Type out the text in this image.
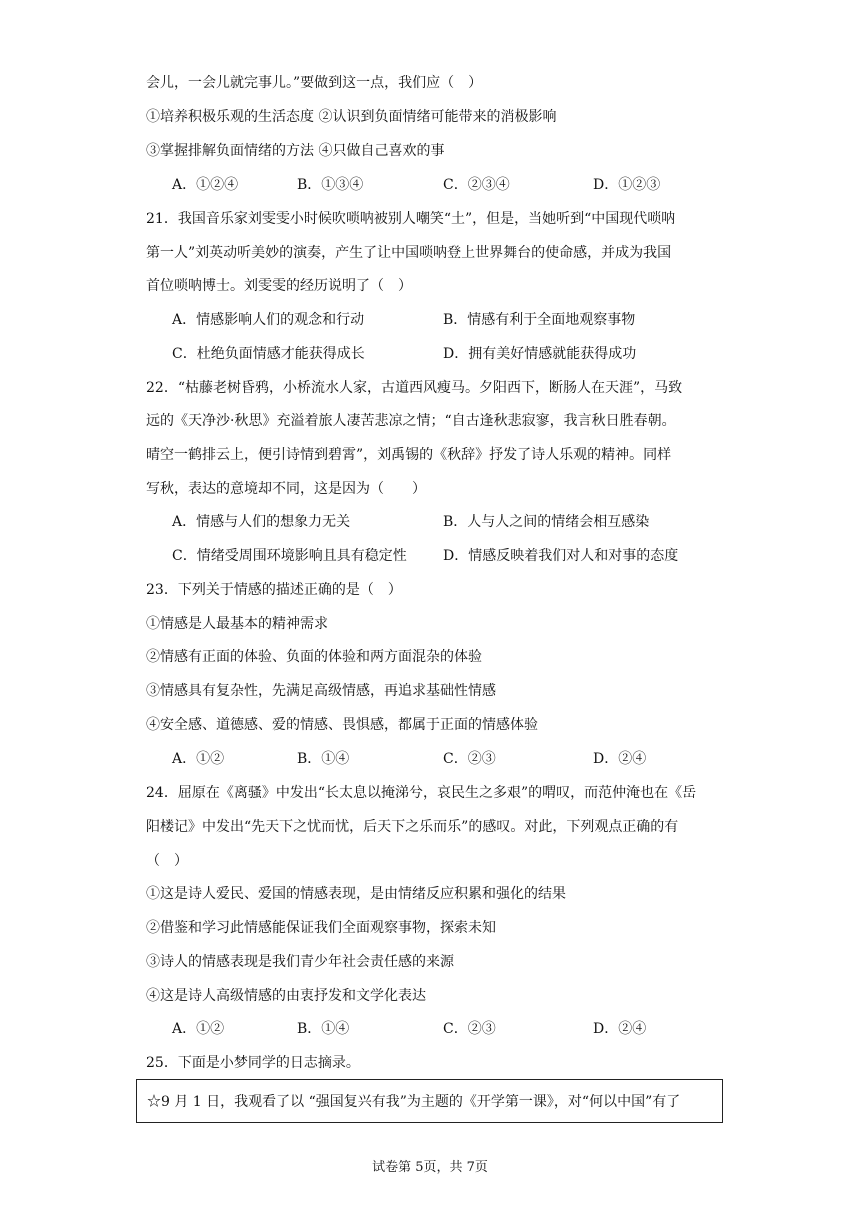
会儿，一会儿就完事儿。”要做到这一点，我们应（　）
①培养积极乐观的生活态度 ②认识到负面情绪可能带来的消极影响
③掌握排解负面情绪的方法 ④只做自己喜欢的事
A．①②④	B．①③④	C．②③④	D．①②③
21．我国音乐家刘雯雯小时候吹唢呐被别人嘲笑“土”，但是，当她听到“中国现代唢呐
第一人”刘英动听美妙的演奏，产生了让中国唢呐登上世界舞台的使命感，并成为我国
首位唢呐博士。刘雯雯的经历说明了（　）
A．情感影响人们的观念和行动	B．情感有利于全面地观察事物
C．杜绝负面情感才能获得成长	D．拥有美好情感就能获得成功
22．“枯藤老树昏鸦，小桥流水人家，古道西风瘦马。夕阳西下，断肠人在天涯”，马致
远的《天净沙·秋思》充溢着旅人凄苦悲凉之情；“自古逢秋悲寂寥，我言秋日胜春朝。
晴空一鹤排云上，便引诗情到碧霄”，刘禹锡的《秋辞》抒发了诗人乐观的精神。同样
写秋，表达的意境却不同，这是因为（　　）
A．情感与人们的想象力无关	B．人与人之间的情绪会相互感染
C．情绪受周围环境影响且具有稳定性	D．情感反映着我们对人和对事的态度
23．下列关于情感的描述正确的是（　）
①情感是人最基本的精神需求
②情感有正面的体验、负面的体验和两方面混杂的体验
③情感具有复杂性，先满足高级情感，再追求基础性情感
④安全感、道德感、爱的情感、畏惧感，都属于正面的情感体验
A．①②	B．①④	C．②③	D．②④
24．屈原在《离骚》中发出“长太息以掩涕兮，哀民生之多艰”的喟叹，而范仲淹也在《岳
阳楼记》中发出“先天下之忧而忧，后天下之乐而乐”的感叹。对此，下列观点正确的有
（　）
①这是诗人爱民、爱国的情感表现，是由情绪反应积累和强化的结果
②借鉴和学习此情感能保证我们全面观察事物，探索未知
③诗人的情感表现是我们青少年社会责任感的来源
④这是诗人高级情感的由衷抒发和文学化表达
A．①②	B．①④	C．②③	D．②④
25．下面是小梦同学的日志摘录。
☆9 月 1 日，我观看了以 “强国复兴有我”为主题的《开学第一课》，对“何以中国”有了
试卷第 5页，共 7页
